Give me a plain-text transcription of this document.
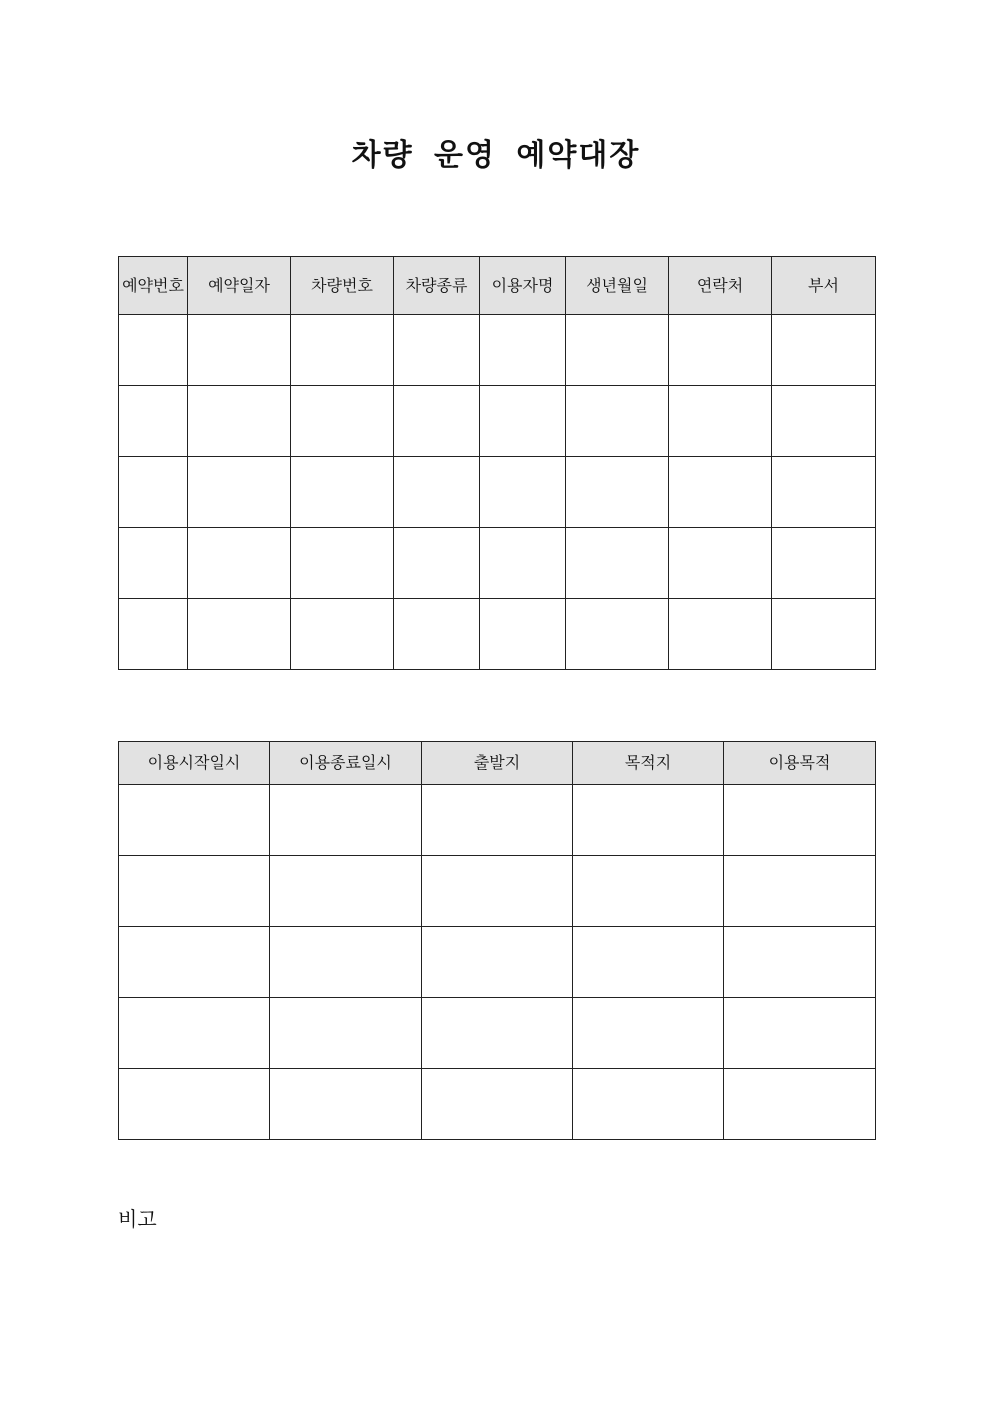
차량 운영 예약대장
예약번호	예약일자	차량번호	차량종류	이용자명	생년월일	연락처	부서

이용시작일시	이용종료일시	출발지	목적지	이용목적

비고
